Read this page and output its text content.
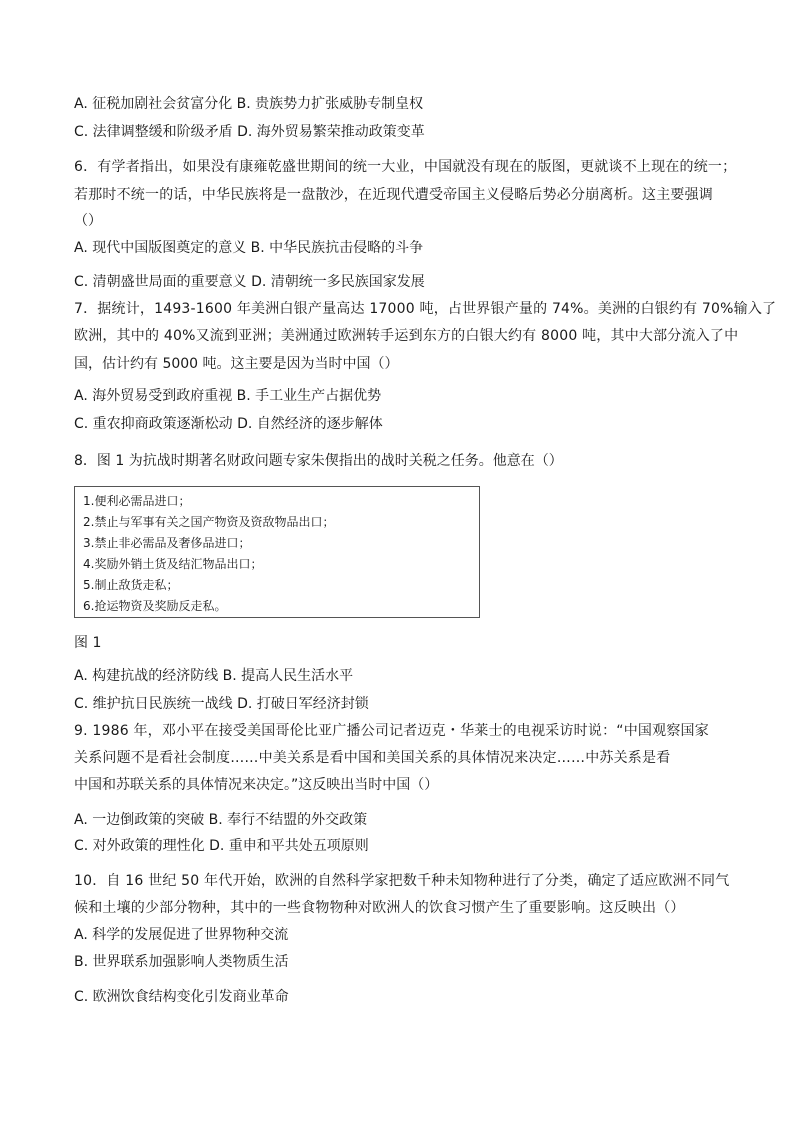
A. 征税加剧社会贫富分化 B. 贵族势力扩张威胁专制皇权
C. 法律调整缓和阶级矛盾 D. 海外贸易繁荣推动政策变革
6．有学者指出，如果没有康雍乾盛世期间的统一大业，中国就没有现在的版图，更就谈不上现在的统一；
若那时不统一的话，中华民族将是一盘散沙，在近现代遭受帝国主义侵略后势必分崩离析。这主要强调
（）
A. 现代中国版图奠定的意义 B. 中华民族抗击侵略的斗争
C. 清朝盛世局面的重要意义 D. 清朝统一多民族国家发展
7．据统计，1493-1600 年美洲白银产量高达 17000 吨，占世界银产量的 74%。美洲的白银约有 70%输入了
欧洲，其中的 40%又流到亚洲；美洲通过欧洲转手运到东方的白银大约有 8000 吨，其中大部分流入了中
国，估计约有 5000 吨。这主要是因为当时中国（）
A. 海外贸易受到政府重视 B. 手工业生产占据优势
C. 重农抑商政策逐渐松动 D. 自然经济的逐步解体
8．图 1 为抗战时期著名财政问题专家朱偰指出的战时关税之任务。他意在（）
1.便利必需品进口；
2.禁止与军事有关之国产物资及资敌物品出口；
3.禁止非必需品及奢侈品进口；
4.奖励外销土货及结汇物品出口；
5.制止敌货走私；
6.抢运物资及奖励反走私。
图 1
A. 构建抗战的经济防线 B. 提高人民生活水平
C. 维护抗日民族统一战线 D. 打破日军经济封锁
9. 1986 年，邓小平在接受美国哥伦比亚广播公司记者迈克・华莱士的电视采访时说：“中国观察国家
关系问题不是看社会制度……中美关系是看中国和美国关系的具体情况来决定……中苏关系是看
中国和苏联关系的具体情况来决定。”这反映出当时中国（）
A. 一边倒政策的突破 B. 奉行不结盟的外交政策
C. 对外政策的理性化 D. 重申和平共处五项原则
10．自 16 世纪 50 年代开始，欧洲的自然科学家把数千种未知物种进行了分类，确定了适应欧洲不同气
候和土壤的少部分物种，其中的一些食物物种对欧洲人的饮食习惯产生了重要影响。这反映出（）
A. 科学的发展促进了世界物种交流
B. 世界联系加强影响人类物质生活
C. 欧洲饮食结构变化引发商业革命
